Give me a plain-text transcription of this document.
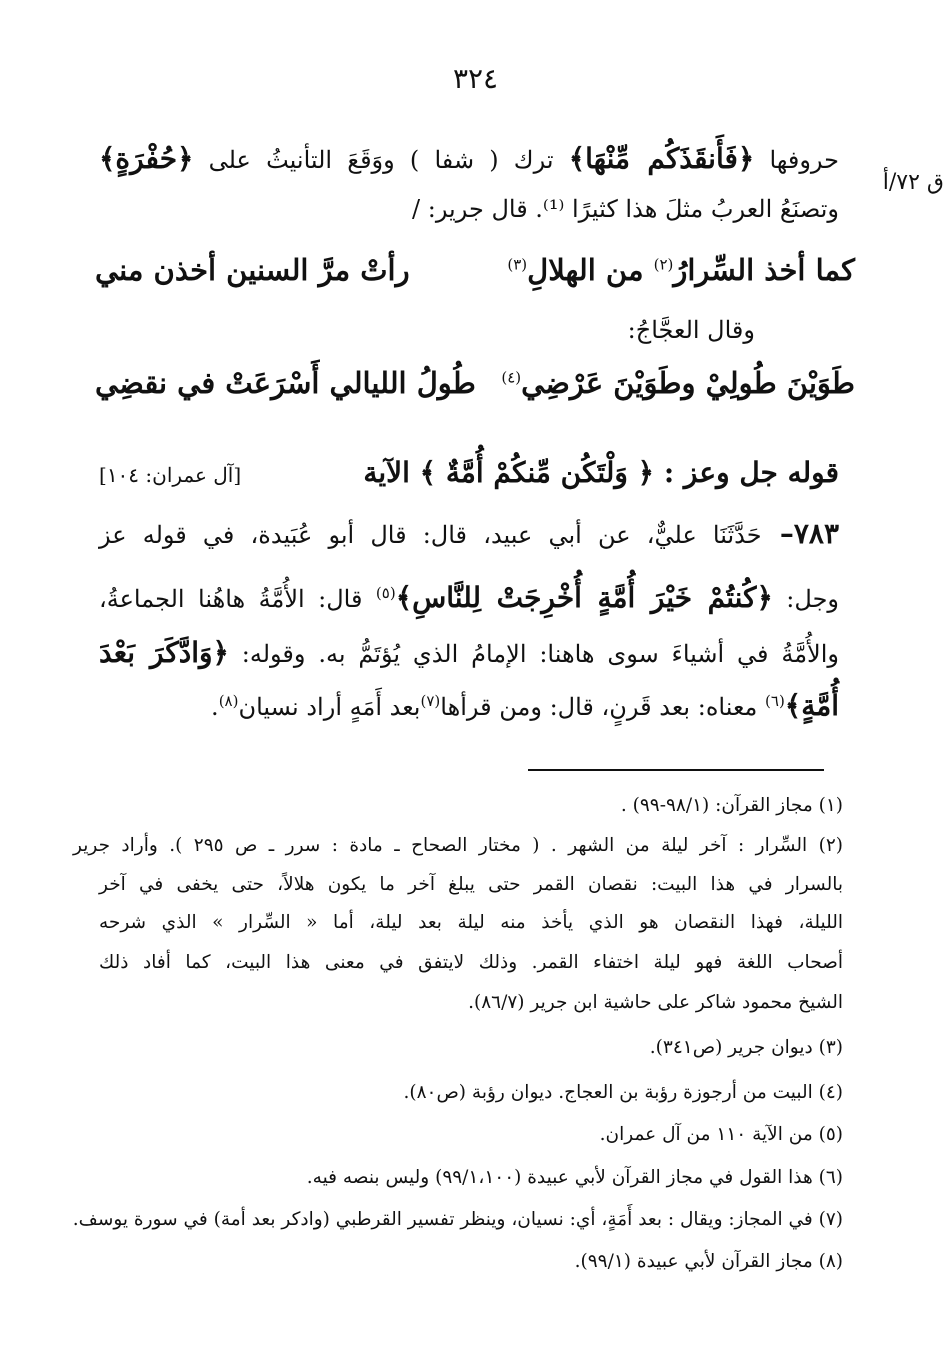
٣٢٤
ق ٧٢/أ
حروفها ﴿فَأَنقَذَكُم مِّنْهَا﴾ ترك ( شفا ) ووَقَعَ التأنيثُ على ﴿حُفْرَةٍ﴾
وتصنَعُ العربُ مثلَ هذا كثيرًا ⁽¹⁾. قال جرير: /
رأتْ مرَّ السنين أخذن مني	كما أخذ السِّرارُ$^{(٢)}$ من الهلالِ$^{(٣)}$
وقال العجَّاجُ:
طُولُ الليالي أَسْرَعَتْ في نقضِي	طَوَيْنَ طُولِيْ وطَوَيْنَ عَرْضِي$^{(٤)}$
قوله جل وعز : ﴿ وَلْتَكُن مِّنكُمْ أُمَّةٌ ﴾ الآية
[آل عمران: ١٠٤]
٧٨٣– حَدَّثَنَا عليٌّ، عن أبي عبيد، قال: قال أبو عُبَيدة، في قوله عز
وجل: ﴿كُنتُمْ خَيْرَ أُمَّةٍ أُخْرِجَتْ لِلنَّاسِ﴾$^{(٥)}$ قال: الأُمَّةُ هاهُنا الجماعةُ،
والأُمَّةُ في أشياءَ سوى هاهنا: الإمامُ الذي يُؤتَمُّ به. وقوله: ﴿وَادَّكَرَ بَعْدَ
أُمَّةٍ﴾$^{(٦)}$ معناه: بعد قَرنٍ، قال: ومن قرأها$^{(٧)}$بعد أَمَهٍ أراد نسيان$^{(٨)}$.
(١) مجاز القرآن: (٩٨/١-٩٩) .
(٢) السِّرار : آخر ليلة من الشهر . ( مختار الصحاح ـ مادة : سرر ـ ص ٢٩٥ ). وأراد جرير
بالسرار في هذا البيت: نقصان القمر حتى يبلغ آخر ما يكون هلالاً، حتى يخفى في آخر
الليلة، فهذا النقصان هو الذي يأخذ منه ليلة بعد ليلة، أما « السِّرار » الذي شرحه
أصحاب اللغة فهو ليلة اختفاء القمر. وذلك لايتفق في معنى هذا البيت، كما أفاد ذلك
الشيخ محمود شاكر على حاشية ابن جرير (٨٦/٧).
(٣) ديوان جرير (ص٣٤١).
(٤) البيت من أرجوزة رؤبة بن العجاج. ديوان رؤبة (ص٨٠).
(٥) من الآية ١١٠ من آل عمران.
(٦) هذا القول في مجاز القرآن لأبي عبيدة (٩٩/١،١٠٠) وليس بنصه فيه.
(٧) في المجاز: ويقال : بعد أَمَةٍ، أي: نسيان، وينظر تفسير القرطبي (وادكر بعد أمة) في سورة يوسف.
(٨) مجاز القرآن لأبي عبيدة (٩٩/١).
